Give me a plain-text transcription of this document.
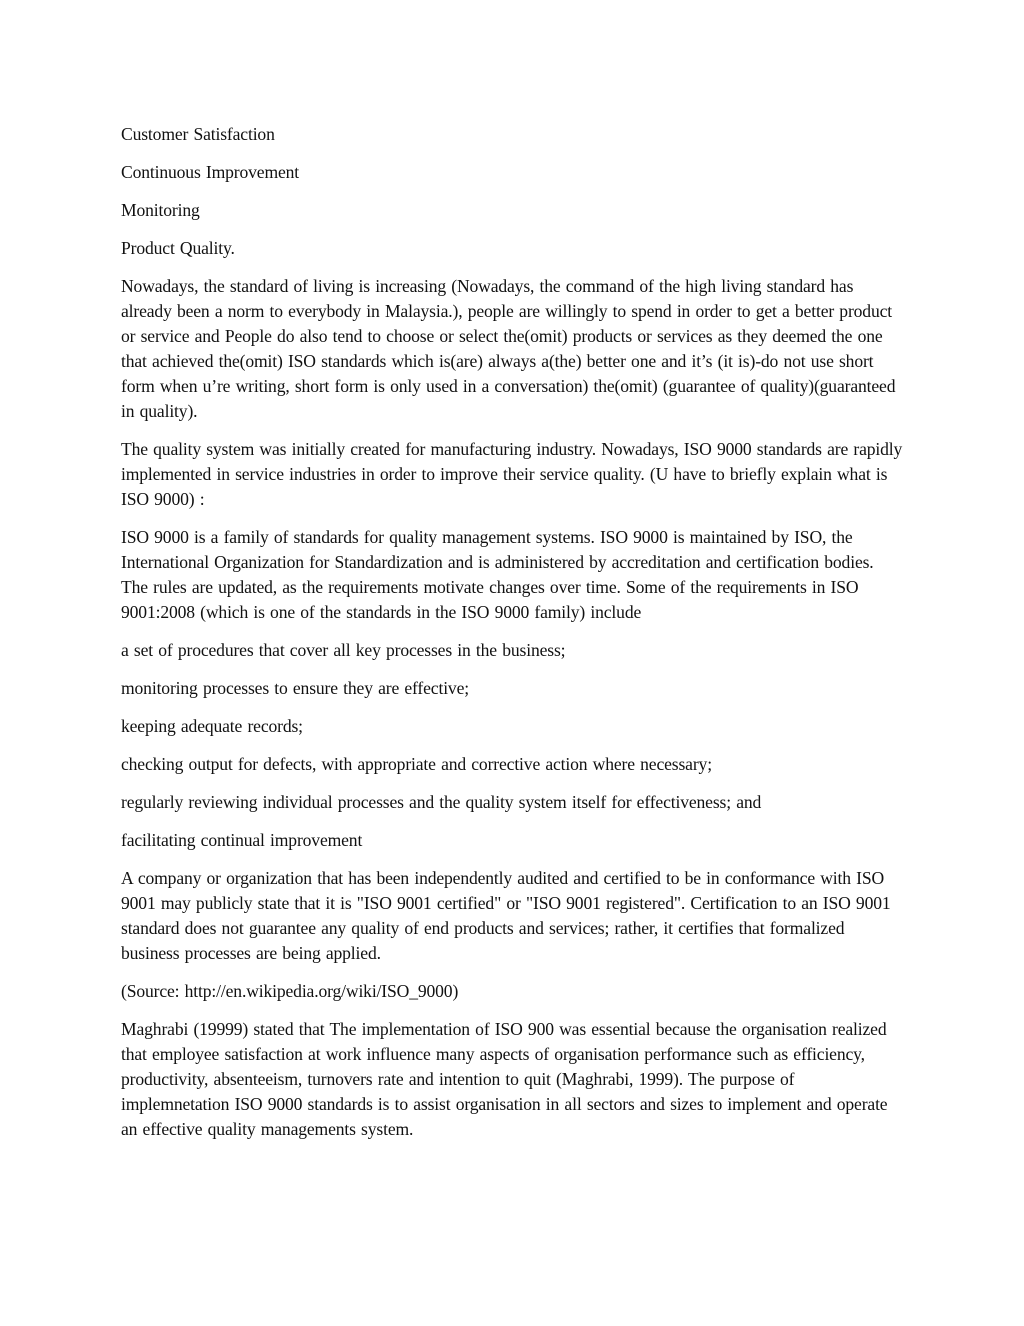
Customer Satisfaction

Continuous Improvement

Monitoring

Product Quality.

Nowadays, the standard of living is increasing (Nowadays, the command of the high living standard has already been a norm to everybody in Malaysia.), people are willingly to spend in order to get a better product or service and People do also tend to choose or select the(omit) products or services as they deemed the one that achieved the(omit) ISO standards which is(are) always a(the) better one and it’s (it is)-do not use short form when u’re writing, short form is only used in a conversation) the(omit) (guarantee of quality)(guaranteed in quality).

The quality system was initially created for manufacturing industry. Nowadays, ISO 9000 standards are rapidly implemented in service industries in order to improve their service quality. (U have to briefly explain what is ISO 9000) :

ISO 9000 is a family of standards for quality management systems. ISO 9000 is maintained by ISO, the International Organization for Standardization and is administered by accreditation and certification bodies. The rules are updated, as the requirements motivate changes over time. Some of the requirements in ISO 9001:2008 (which is one of the standards in the ISO 9000 family) include

a set of procedures that cover all key processes in the business;

monitoring processes to ensure they are effective;

keeping adequate records;

checking output for defects, with appropriate and corrective action where necessary;

regularly reviewing individual processes and the quality system itself for effectiveness; and

facilitating continual improvement

A company or organization that has been independently audited and certified to be in conformance with ISO 9001 may publicly state that it is "ISO 9001 certified" or "ISO 9001 registered". Certification to an ISO 9001 standard does not guarantee any quality of end products and services; rather, it certifies that formalized business processes are being applied.

(Source: http://en.wikipedia.org/wiki/ISO_9000)

Maghrabi (19999) stated that The implementation of ISO 900 was essential because the organisation realized that employee satisfaction at work influence many aspects of organisation performance such as efficiency, productivity, absenteeism, turnovers rate and intention to quit (Maghrabi, 1999). The purpose of implemnetation ISO 9000 standards is to assist organisation in all sectors and sizes to implement and operate an effective quality managements system.
